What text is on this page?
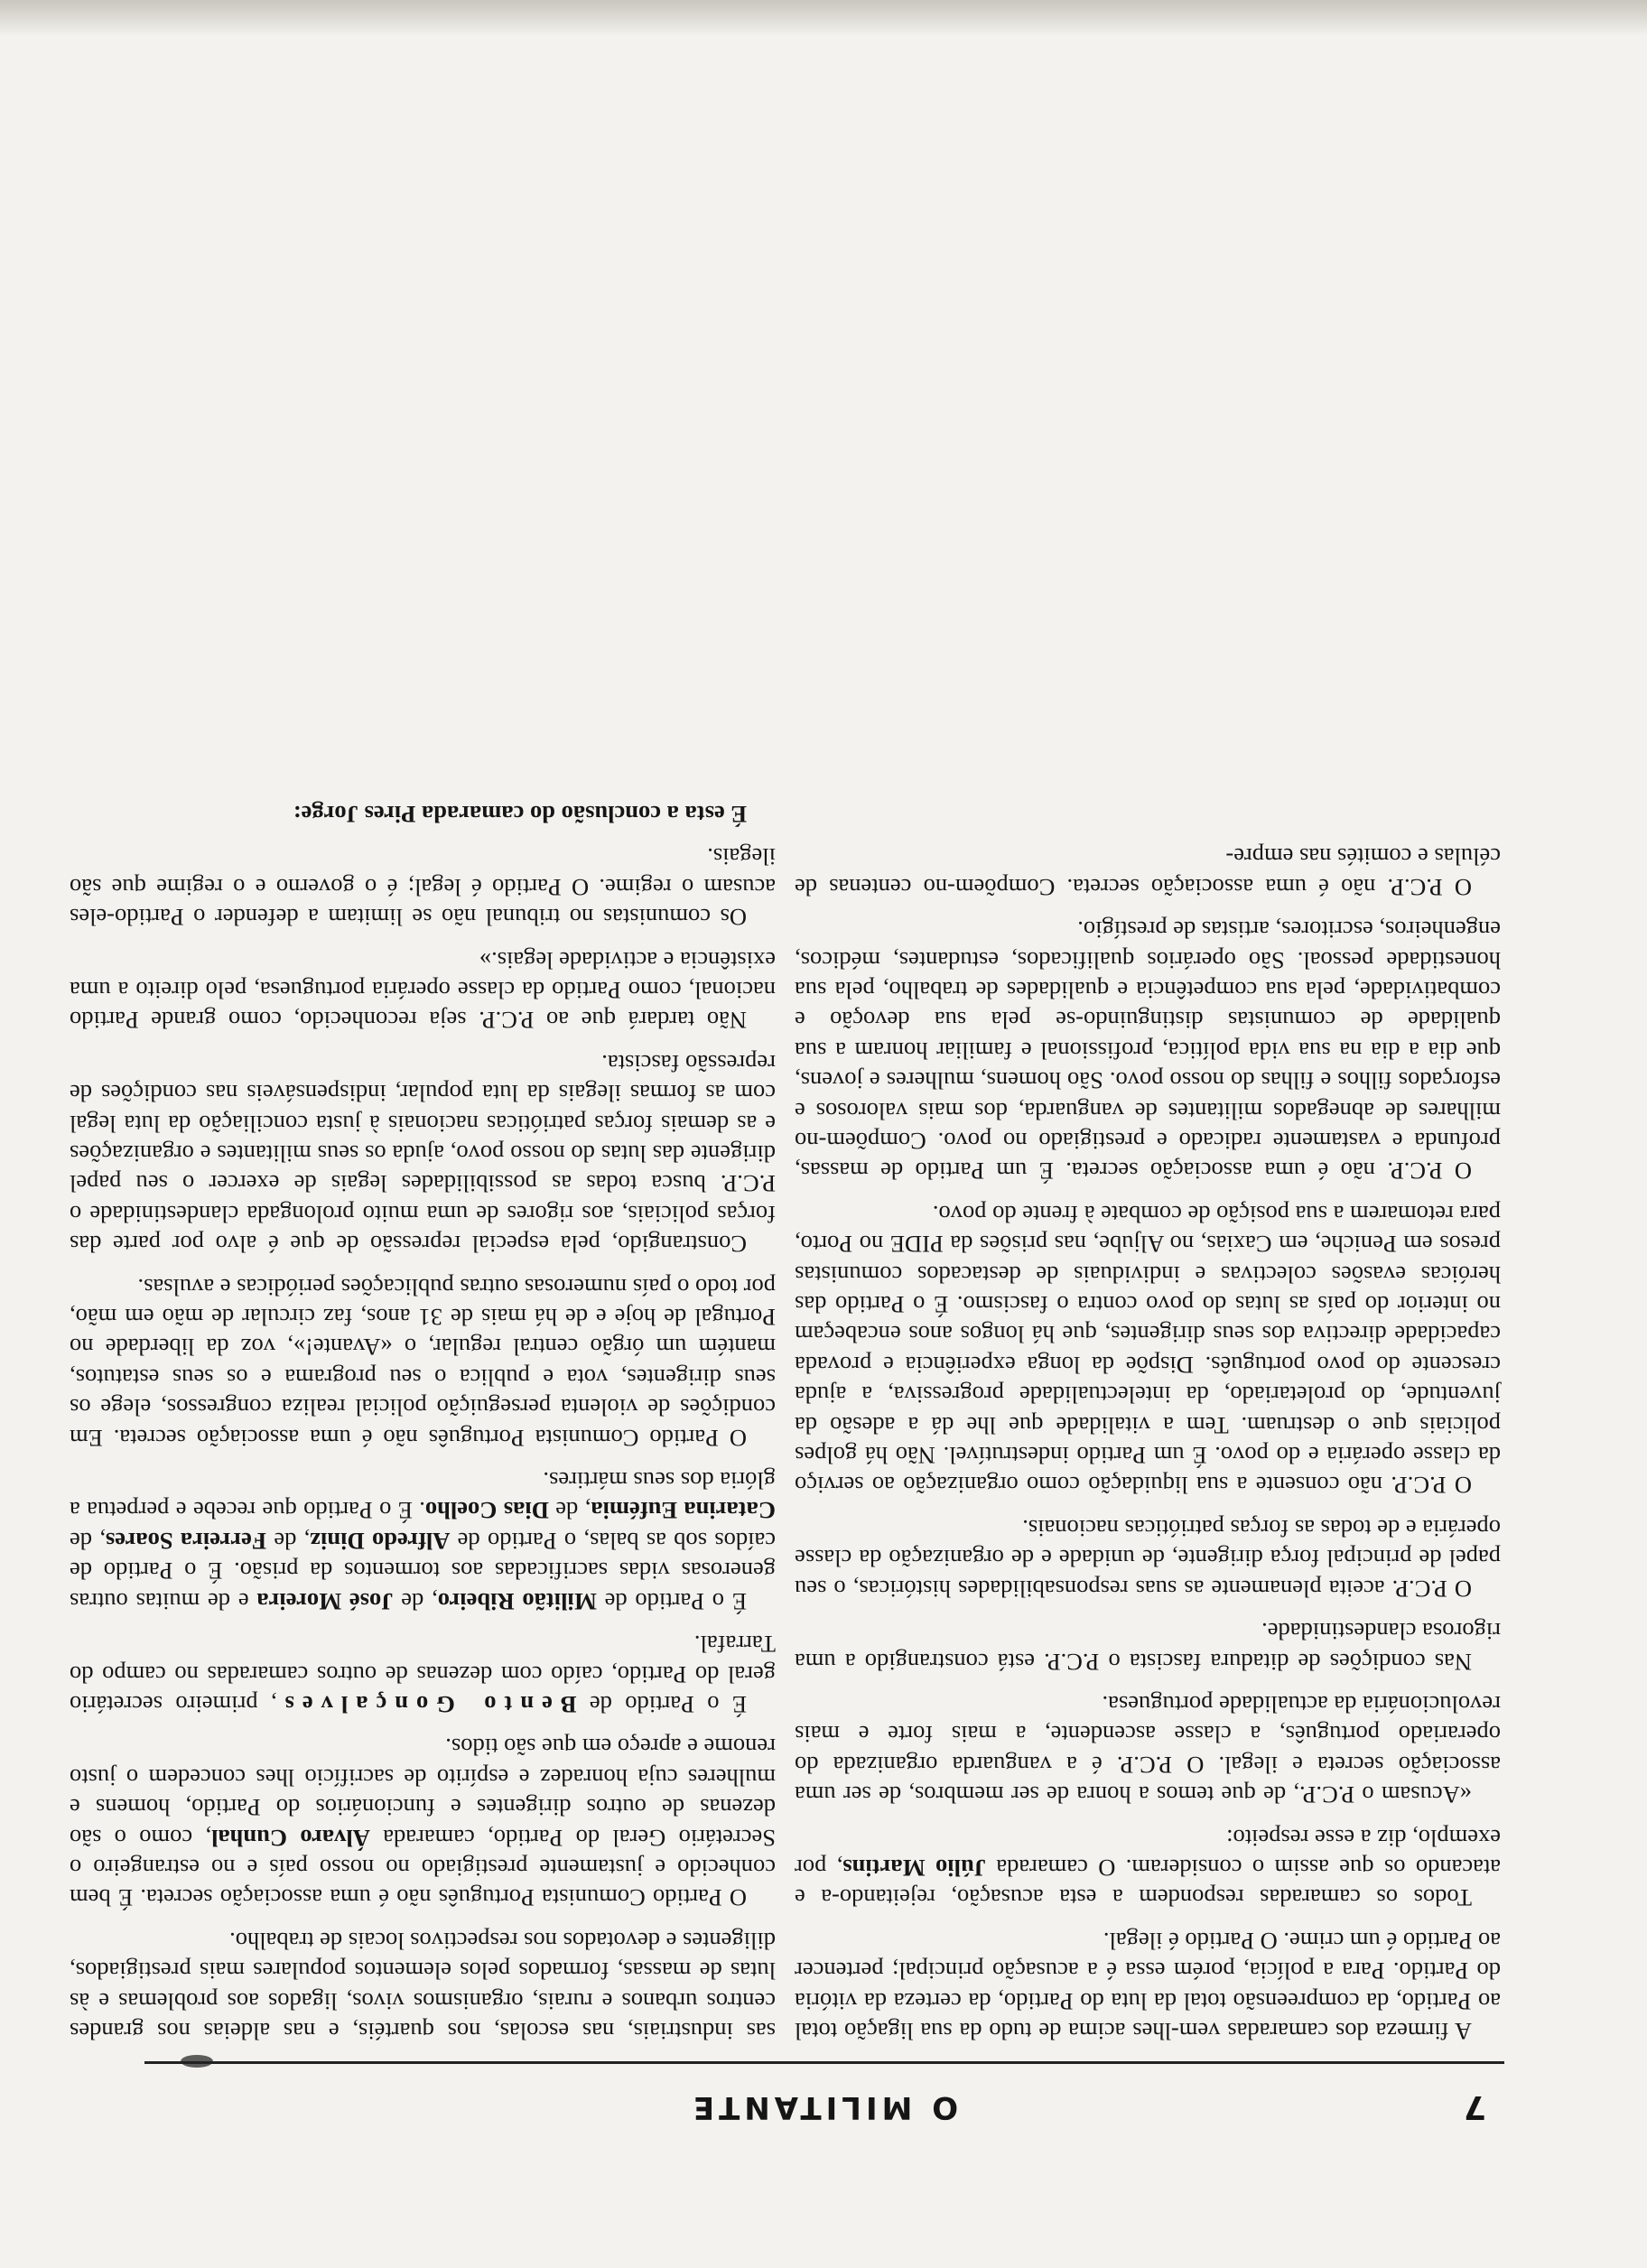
7
O MILITANTE

A firmeza dos camaradas vem-lhes acima de tudo da sua ligação total ao Partido, da compreensão total da luta do Partido, da certeza da vitória do Partido. Para a polícia, porém essa é a acusação principal; pertencer ao Partido é um crime. O Partido é ilegal.

Todos os camaradas respondem a esta acusação, rejeitando-a e atacando os que assim o consideram. O camarada Júlio Martins, por exemplo, diz a esse respeito:

«Acusam o P.C.P., de que temos a honra de ser membros, de ser uma associação secreta e ilegal. O P.C.P. é a vanguarda organizada do operariado português, a classe ascendente, a mais forte e mais revolucionária da actualidade portuguesa.

Nas condições de ditadura fascista o P.C.P. está constrangido a uma rigorosa clandestinidade.

O P.C.P. aceita plenamente as suas responsabilidades históricas, o seu papel de principal força dirigente, de unidade e de organização da classe operária e de todas as forças patrióticas nacionais.

O P.C.P. não consente a sua liquidação como organização ao serviço da classe operária e do povo. É um Partido indestrutível. Não há golpes policiais que o destruam. Tem a vitalidade que lhe dá a adesão da juventude, do proletariado, da intelectualidade progressiva, a ajuda crescente do povo português. Dispõe da longa experiência e provada capacidade directiva dos seus dirigentes, que há longos anos encabeçam no interior do país as lutas do povo contra o fascismo. É o Partido das heróicas evasões colectivas e individuais de destacados comunistas presos em Peniche, em Caxias, no Aljube, nas prisões da PIDE no Porto, para retomarem a sua posição de combate à frente do povo.

O P.C.P. não é uma associação secreta. É um Partido de massas, profunda e vastamente radicado e prestigiado no povo. Compõem-no milhares de abnegados militantes de vanguarda, dos mais valorosos e esforçados filhos e filhas do nosso povo. São homens, mulheres e jovens, que dia a dia na sua vida política, profissional e familiar honram a sua qualidade de comunistas distinguindo-se pela sua devoção e combatividade, pela sua competência e qualidades de trabalho, pela sua honestidade pessoal. São operários qualificados, estudantes, médicos, engenheiros, escritores, artistas de prestígio.

O P.C.P. não é uma associação secreta. Compõem-no centenas de células e comités nas empre-

sas industriais, nas escolas, nos quartéis, e nas aldeias nos grandes centros urbanos e rurais, organismos vivos, ligados aos problemas e às lutas de massas, formados pelos elementos populares mais prestigiados, diligentes e devotados nos respectivos locais de trabalho.

O Partido Comunista Português não é uma associação secreta. É bem conhecido e justamente prestigiado no nosso país e no estrangeiro o Secretário Geral do Partido, camarada Álvaro Cunhal, como o são dezenas de outros dirigentes e funcionários do Partido, homens e mulheres cuja honradez e espírito de sacrifício lhes concedem o justo renome e apreço em que são tidos.

É o Partido de Bento Gonçalves, primeiro secretário geral do Partido, caído com dezenas de outros camaradas no campo do Tarrafal.

É o Partido de Militão Ribeiro, de José Moreira e de muitas outras generosas vidas sacrificadas aos tormentos da prisão. É o Partido de caídos sob as balas, o Partido de Alfredo Diniz, de Ferreira Soares, de Catarina Eufémia, de Dias Coelho. É o Partido que recebe e perpetua a glória dos seus mártires.

O Partido Comunista Português não é uma associação secreta. Em condições de violenta perseguição policial realiza congressos, elege os seus dirigentes, vota e publica o seu programa e os seus estatutos, mantém um órgão central regular, o «Avante!», voz da liberdade no Portugal de hoje e de há mais de 31 anos, faz circular de mão em mão, por todo o país numerosas outras publicações periódicas e avulsas.

Constrangido, pela especial repressão de que é alvo por parte das forças policiais, aos rigores de uma muito prolongada clandestinidade o P.C.P. busca todas as possibilidades legais de exercer o seu papel dirigente das lutas do nosso povo, ajuda os seus militantes e organizações e as demais forças patrióticas nacionais à justa conciliação da luta legal com as formas ilegais da luta popular, indispensáveis nas condições de repressão fascista.

Não tardará que ao P.C.P. seja reconhecido, como grande Partido nacional, como Partido da classe operária portuguesa, pelo direito a uma existência e actividade legais.»

Os comunistas no tribunal não se limitam a defender o Partido-eles acusam o regime. O Partido é legal; é o governo e o regime que são ilegais.

É esta a conclusão do camarada Pires Jorge:
